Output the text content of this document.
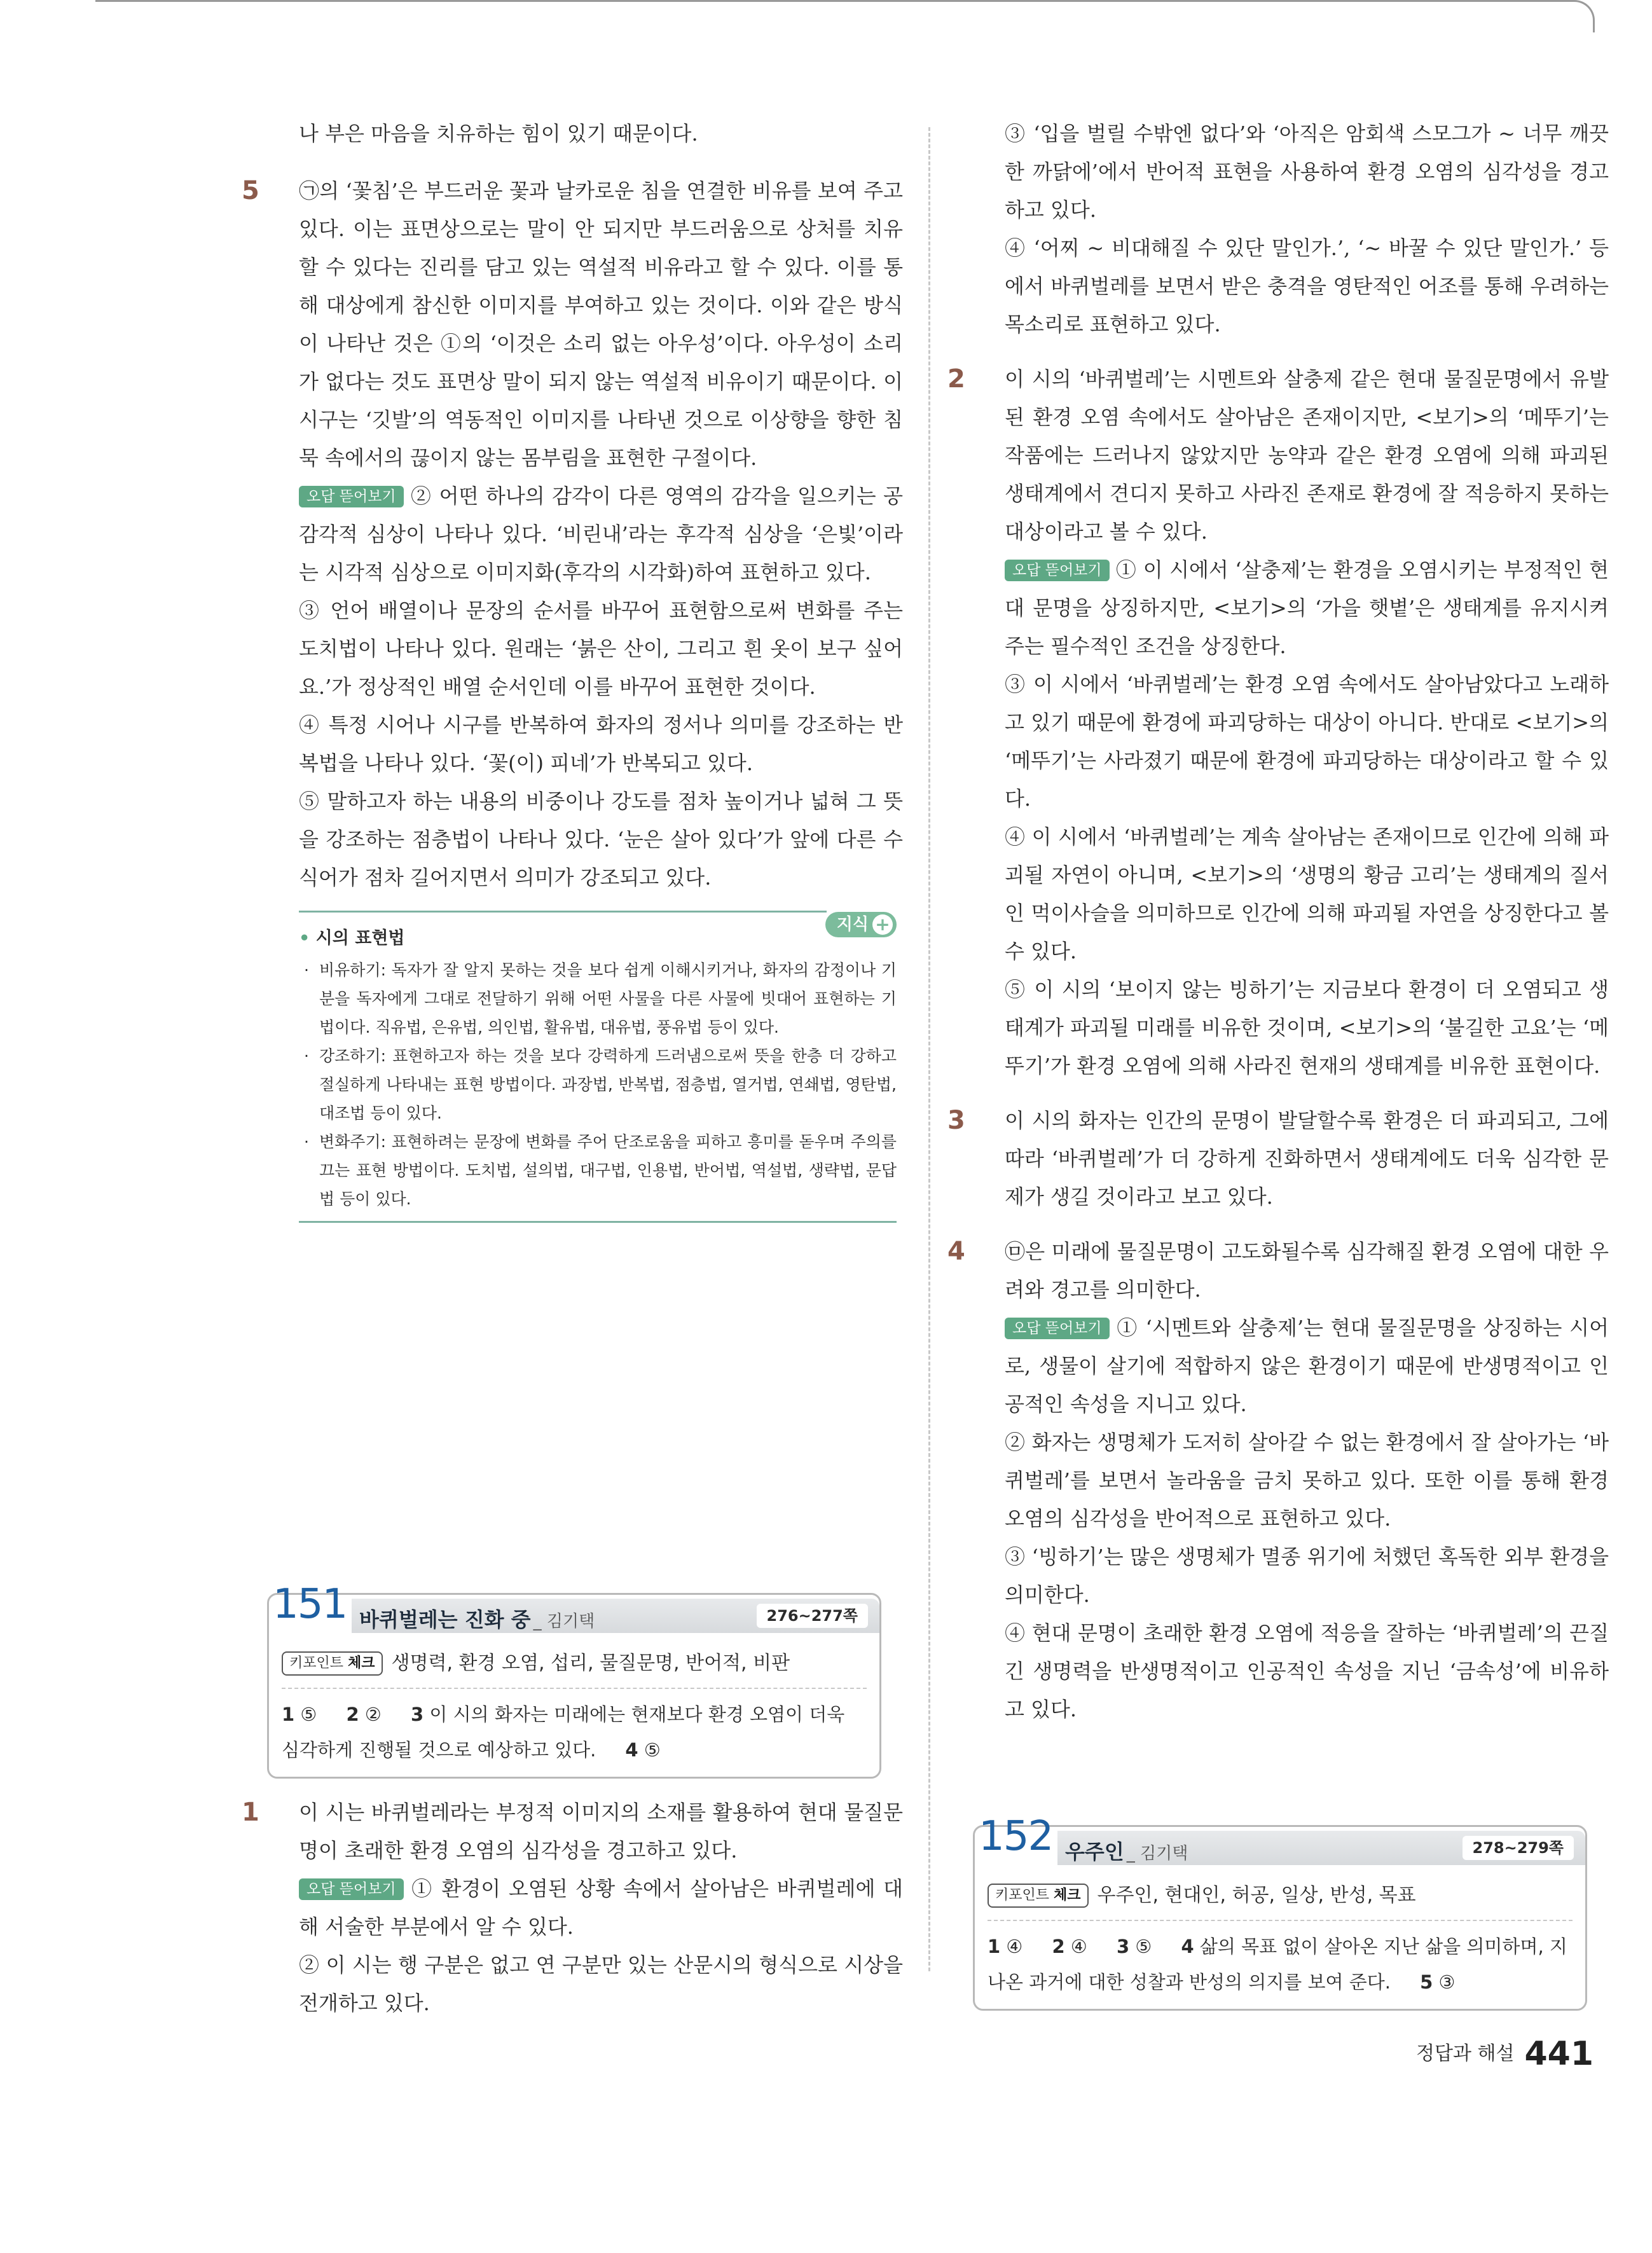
나 부은 마음을 치유하는 힘이 있기 때문이다.

5 ㉠의 ‘꽃침’은 부드러운 꽃과 날카로운 침을 연결한 비유를 보여 주고 있다. 이는 표면상으로는 말이 안 되지만 부드러움으로 상처를 치유할 수 있다는 진리를 담고 있는 역설적 비유라고 할 수 있다. 이를 통해 대상에게 참신한 이미지를 부여하고 있는 것이다. 이와 같은 방식이 나타난 것은 ①의 ‘이것은 소리 없는 아우성’이다. 아우성이 소리가 없다는 것도 표면상 말이 되지 않는 역설적 비유이기 때문이다. 이 시구는 ‘깃발’의 역동적인 이미지를 나타낸 것으로 이상향을 향한 침묵 속에서의 끊이지 않는 몸부림을 표현한 구절이다.

오답 뜯어보기 ② 어떤 하나의 감각이 다른 영역의 감각을 일으키는 공감각적 심상이 나타나 있다. ‘비린내’라는 후각적 심상을 ‘은빛’이라는 시각적 심상으로 이미지화(후각의 시각화)하여 표현하고 있다.

③ 언어 배열이나 문장의 순서를 바꾸어 표현함으로써 변화를 주는 도치법이 나타나 있다. 원래는 ‘붉은 산이, 그리고 흰 옷이 보구 싶어요.’가 정상적인 배열 순서인데 이를 바꾸어 표현한 것이다.

④ 특정 시어나 시구를 반복하여 화자의 정서나 의미를 강조하는 반복법을 나타나 있다. ‘꽃(이) 피네’가 반복되고 있다.

⑤ 말하고자 하는 내용의 비중이나 강도를 점차 높이거나 넓혀 그 뜻을 강조하는 점층법이 나타나 있다. ‘눈은 살아 있다’가 앞에 다른 수식어가 점차 길어지면서 의미가 강조되고 있다.

지식 +
• 시의 표현법
· 비유하기: 독자가 잘 알지 못하는 것을 보다 쉽게 이해시키거나, 화자의 감정이나 기분을 독자에게 그대로 전달하기 위해 어떤 사물을 다른 사물에 빗대어 표현하는 기법이다. 직유법, 은유법, 의인법, 활유법, 대유법, 풍유법 등이 있다.
· 강조하기: 표현하고자 하는 것을 보다 강력하게 드러냄으로써 뜻을 한층 더 강하고 절실하게 나타내는 표현 방법이다. 과장법, 반복법, 점층법, 열거법, 연쇄법, 영탄법, 대조법 등이 있다.
· 변화주기: 표현하려는 문장에 변화를 주어 단조로움을 피하고 흥미를 돋우며 주의를 끄는 표현 방법이다. 도치법, 설의법, 대구법, 인용법, 반어법, 역설법, 생략법, 문답법 등이 있다.
151 바퀴벌레는 진화 중 _ 김기택	276~277쪽
키포인트 체크 생명력, 환경 오염, 섭리, 물질문명, 반어적, 비판
1 ⑤ 2 ② 3 이 시의 화자는 미래에는 현재보다 환경 오염이 더욱 심각하게 진행될 것으로 예상하고 있다. 4 ⑤
1 이 시는 바퀴벌레라는 부정적 이미지의 소재를 활용하여 현대 물질문명이 초래한 환경 오염의 심각성을 경고하고 있다.

오답 뜯어보기 ① 환경이 오염된 상황 속에서 살아남은 바퀴벌레에 대해 서술한 부분에서 알 수 있다.

② 이 시는 행 구분은 없고 연 구분만 있는 산문시의 형식으로 시상을 전개하고 있다.

③ ‘입을 벌릴 수밖엔 없다’와 ‘아직은 암회색 스모그가 ~ 너무 깨끗한 까닭에’에서 반어적 표현을 사용하여 환경 오염의 심각성을 경고하고 있다.

④ ‘어찌 ~ 비대해질 수 있단 말인가.’, ‘~ 바꿀 수 있단 말인가.’ 등에서 바퀴벌레를 보면서 받은 충격을 영탄적인 어조를 통해 우려하는 목소리로 표현하고 있다.

2 이 시의 ‘바퀴벌레’는 시멘트와 살충제 같은 현대 물질문명에서 유발된 환경 오염 속에서도 살아남은 존재이지만, <보기>의 ‘메뚜기’는 작품에는 드러나지 않았지만 농약과 같은 환경 오염에 의해 파괴된 생태계에서 견디지 못하고 사라진 존재로 환경에 잘 적응하지 못하는 대상이라고 볼 수 있다.

오답 뜯어보기 ① 이 시에서 ‘살충제’는 환경을 오염시키는 부정적인 현대 문명을 상징하지만, <보기>의 ‘가을 햇볕’은 생태계를 유지시켜 주는 필수적인 조건을 상징한다.

③ 이 시에서 ‘바퀴벌레’는 환경 오염 속에서도 살아남았다고 노래하고 있기 때문에 환경에 파괴당하는 대상이 아니다. 반대로 <보기>의 ‘메뚜기’는 사라졌기 때문에 환경에 파괴당하는 대상이라고 할 수 있다.

④ 이 시에서 ‘바퀴벌레’는 계속 살아남는 존재이므로 인간에 의해 파괴될 자연이 아니며, <보기>의 ‘생명의 황금 고리’는 생태계의 질서인 먹이사슬을 의미하므로 인간에 의해 파괴될 자연을 상징한다고 볼 수 있다.

⑤ 이 시의 ‘보이지 않는 빙하기’는 지금보다 환경이 더 오염되고 생태계가 파괴될 미래를 비유한 것이며, <보기>의 ‘불길한 고요’는 ‘메뚜기’가 환경 오염에 의해 사라진 현재의 생태계를 비유한 표현이다.

3 이 시의 화자는 인간의 문명이 발달할수록 환경은 더 파괴되고, 그에 따라 ‘바퀴벌레’가 더 강하게 진화하면서 생태계에도 더욱 심각한 문제가 생길 것이라고 보고 있다.

4 ㉤은 미래에 물질문명이 고도화될수록 심각해질 환경 오염에 대한 우려와 경고를 의미한다.

오답 뜯어보기 ① ‘시멘트와 살충제’는 현대 물질문명을 상징하는 시어로, 생물이 살기에 적합하지 않은 환경이기 때문에 반생명적이고 인공적인 속성을 지니고 있다.

② 화자는 생명체가 도저히 살아갈 수 없는 환경에서 잘 살아가는 ‘바퀴벌레’를 보면서 놀라움을 금치 못하고 있다. 또한 이를 통해 환경 오염의 심각성을 반어적으로 표현하고 있다.

③ ‘빙하기’는 많은 생명체가 멸종 위기에 처했던 혹독한 외부 환경을 의미한다.

④ 현대 문명이 초래한 환경 오염에 적응을 잘하는 ‘바퀴벌레’의 끈질긴 생명력을 반생명적이고 인공적인 속성을 지닌 ‘금속성’에 비유하고 있다.

152 우주인 _ 김기택	278~279쪽
키포인트 체크 우주인, 현대인, 허공, 일상, 반성, 목표
1 ④ 2 ④ 3 ⑤ 4 삶의 목표 없이 살아온 지난 삶을 의미하며, 지나온 과거에 대한 성찰과 반성의 의지를 보여 준다. 5 ③
정답과 해설 441
